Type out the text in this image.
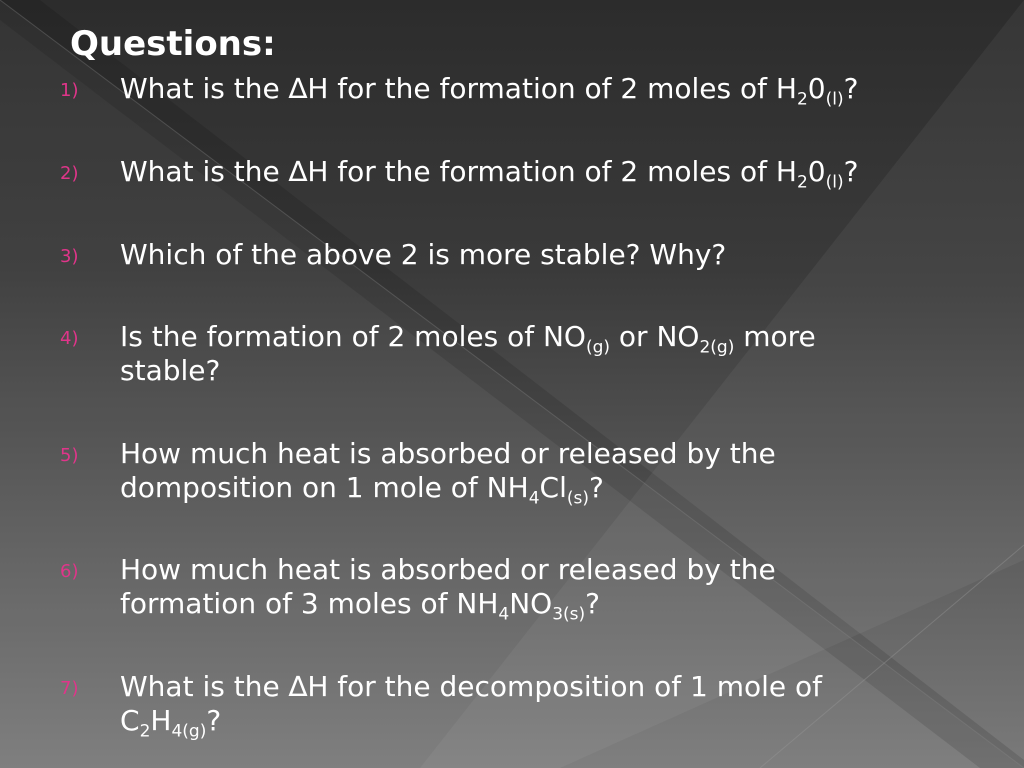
Questions:
1) What is the ∆H for the formation of 2 moles of $H_20_{(l)}$?
2) What is the ∆H for the formation of 2 moles of $H_20_{(l)}$?
3) Which of the above 2 is more stable? Why?
4) Is the formation of 2 moles of $NO_{(g)}$ or $NO_{2(g)}$ more stable?
5) How much heat is absorbed or released by the domposition on 1 mole of $NH_4Cl_{(s)}$?
6) How much heat is absorbed or released by the formation of 3 moles of $NH_4NO_{3(s)}$?
7) What is the ∆H for the decomposition of 1 mole of $C_2H_{4(g)}$?
